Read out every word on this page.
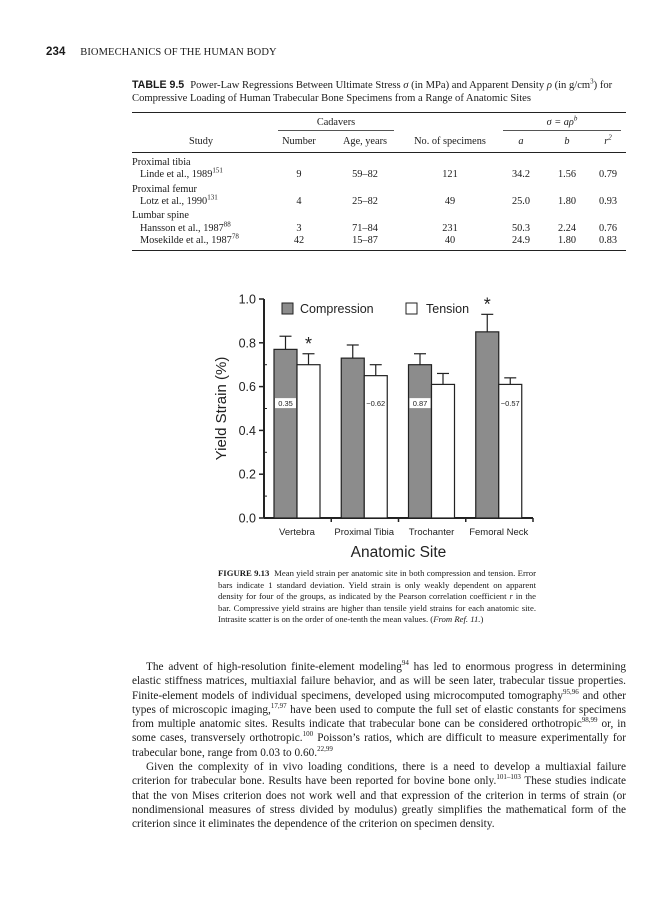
234 BIOMECHANICS OF THE HUMAN BODY
TABLE 9.5 Power-Law Regressions Between Ultimate Stress σ (in MPa) and Apparent Density ρ (in $g/cm^3$) for Compressive Loading of Human Trabecular Bone Specimens from a Range of Anatomic Sites
	Cadavers			$\sigma = a\rho^b$
Study	Number	Age, years	No. of specimens	a	b	$r^2$
Proximal tibia						
Linde et al., 1989$^{151}$	9	59–82	121	34.2	1.56	0.79
Proximal femur						
Lotz et al., 1990$^{131}$	4	25–82	49	25.0	1.80	0.93
Lumbar spine						
Hansson et al., 1987$^{88}$	3	71–84	231	50.3	2.24	0.76
Mosekilde et al., 1987$^{78}$	42	15–87	40	24.9	1.80	0.83
0.0
0.2
0.4
0.6
0.8
1.0
Yield Strain (%)	0.35
Vertebra
−0.62
Proximal Tibia
0.87
Trochanter
−0.57
Femoral Neck
*
*
Compression	Tension
Anatomic Site
FIGURE 9.13 Mean yield strain per anatomic site in both compression and tension. Error bars indicate 1 standard deviation. Yield strain is only weakly dependent on apparent density for four of the groups, as indicated by the Pearson correlation coefficient r in the bar. Compressive yield strains are higher than tensile yield strains for each anatomic site. Intrasite scatter is on the order of one-tenth the mean values. (From Ref. 11.)

The advent of high-resolution finite-element modeling$^{94}$ has led to enormous progress in determining elastic stiffness matrices, multiaxial failure behavior, and as will be seen later, trabecular tissue properties. Finite-element models of individual specimens, developed using microcomputed tomography$^{95,96}$ and other types of microscopic imaging,$^{17,97}$ have been used to compute the full set of elastic constants for specimens from multiple anatomic sites. Results indicate that trabecular bone can be considered orthotropic$^{98,99}$ or, in some cases, transversely orthotropic.$^{100}$ Poisson’s ratios, which are difficult to measure experimentally for trabecular bone, range from 0.03 to 0.60.$^{22,99}$

Given the complexity of in vivo loading conditions, there is a need to develop a multiaxial failure criterion for trabecular bone. Results have been reported for bovine bone only.$^{101-103}$ These studies indicate that the von Mises criterion does not work well and that expression of the criterion in terms of strain (or nondimensional measures of stress divided by modulus) greatly simplifies the mathematical form of the criterion since it eliminates the dependence of the criterion on specimen density.
